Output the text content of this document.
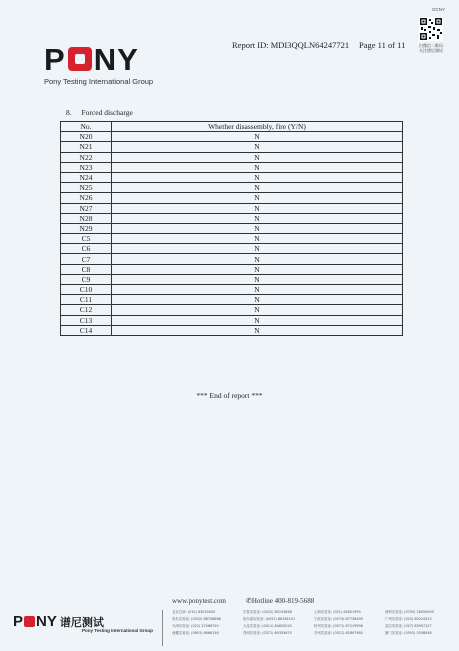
DCNY
P NY
Pony Testing International Group
Report ID: MDI3QQLN64247721 Page 11 of 11	扫微信二维码
关注谱尼测试
8. Forced discharge
No.	Whether disassembly, fire (Y/N)
N20	N
N21	N
N22	N
N23	N
N24	N
N25	N
N26	N
N27	N
N28	N
N29	N
C5	N
C6	N
C7	N
C8	N
C9	N
C10	N
C11	N
C12	N
C13	N
C14	N
*** End of report ***
P NY 谱尼测试
Pony Testing International Group
www.ponytest.com	✆Hotline 400-819-5688
北京总部: (010) 83055000	长春实验室: (0431) 85193868	上海实验室: (021) 64851999	深圳实验室: (0755) 26050909
青岛实验室: (0532) 88706866	哈尔滨实验室: (0451) 86164151	宁波实验室: (0574) 87736499	广州实验室: (020) 89224310
天津实验室: (022) 27466750	大连实验室: (0411) 84820020	杭州实验室: (0571) 87219996	武汉实验室: (027) 83997127
西藏实验室: (0891) 6666156	郑州实验室: (0371) 69335670	苏州实验室: (0512) 62897960	厦门实验室: (0592) 5508048
